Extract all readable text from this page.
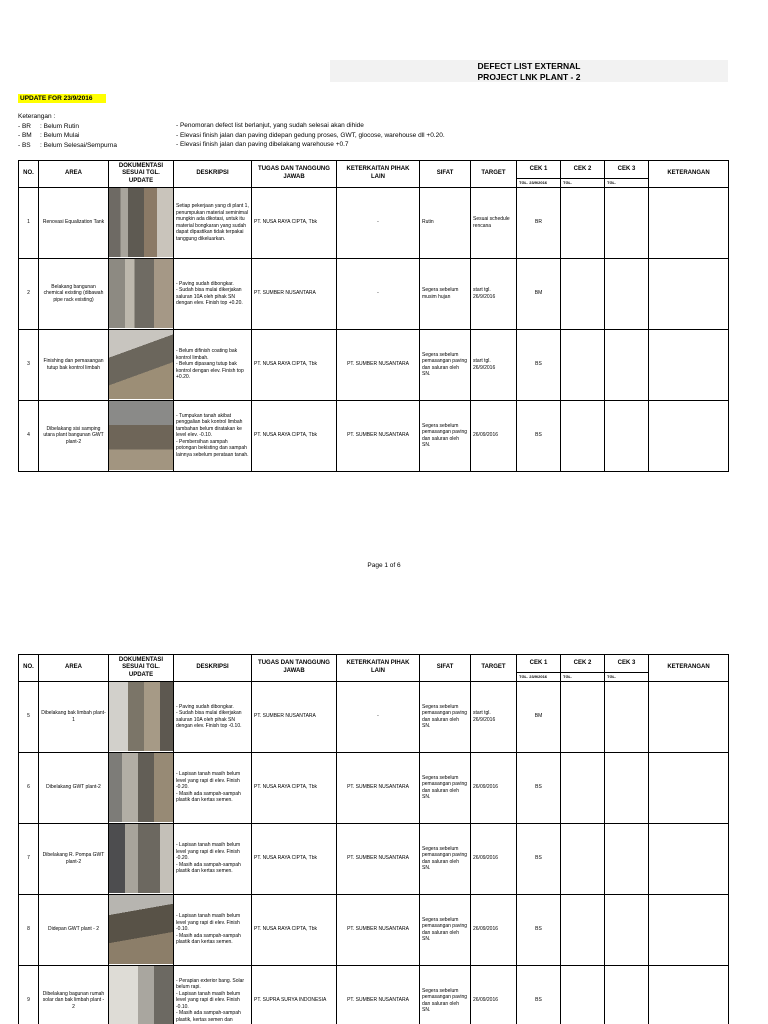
DEFECT LIST EXTERNAL
PROJECT LNK PLANT - 2
UPDATE FOR 23/9/2016
Keterangan :
- BR	: Belum Rutin
- BM	: Belum Mulai
- BS	: Belum Selesai/Sempurna
- Penomoran defect list berlanjut, yang sudah selesai akan dihide
- Elevasi finish jalan dan paving didepan gedung proses, GWT, glocose, warehouse dll +0.20.
- Elevasi finish jalan dan paving dibelakang warehouse +0.7
NO.	AREA	DOKUMENTASI SESUAI TGL. UPDATE	DESKRIPSI	TUGAS DAN TANGGUNG JAWAB	KETERKAITAN PIHAK LAIN	SIFAT	TARGET	CEK 1	CEK 2	CEK 3	KETERANGAN
								TGL. 23/9/2016	TGL.	TGL.	
1	Renovasi Equalization Tank		Setiap pekerjaan yang di plant 1, penumpukan material seminimal mungkin ada dikotasi, untuk itu material bongkaran yang sudah dapat dipastikan tidak terpakai tanggung dikeluarkan.	PT. NUSA RAYA CIPTA, Tbk	-	Rutin	Sesuai schedule rencana	BR			
2	Belakang bangunan chemical existing (dibawah pipe rack existing)		- Paving sudah dibongkar.
- Sudah bisa mulai dikerjakan saluran 10A oleh pihak SN dengan elev. Finish top +0.20.	PT. SUMBER NUSANTARA	-	Segera sebelum musim hujan	start tgl. 26/9/2016	BM			
3	Finishing dan pemasangan tutup bak kontrol limbah		- Belum difinish coating bak kontrol limbah.
- Belum dipasang tutup bak kontrol dengan elev. Finish top +0.20.	PT. NUSA RAYA CIPTA, Tbk	PT. SUMBER NUSANTARA	Segera sebelum pemasangan paving dan saluran oleh SN.	start tgl. 26/9/2016	BS			
4	Dibelakang sisi samping utara plant bangunan GWT plant-2		- Tumpukan tanah akibat penggalian bak kontrol limbah tambahan belum diratakan ke level elev. -0.10.
- Pembersihan sampah potongan bekisting dan sampah lainnya sebelum perataan tanah.	PT. NUSA RAYA CIPTA, Tbk	PT. SUMBER NUSANTARA	Segera sebelum pemasangan paving dan saluran oleh SN.	26/09/2016	BS			
Page 1 of 6
NO.	AREA	DOKUMENTASI SESUAI TGL. UPDATE	DESKRIPSI	TUGAS DAN TANGGUNG JAWAB	KETERKAITAN PIHAK LAIN	SIFAT	TARGET	CEK 1	CEK 2	CEK 3	KETERANGAN
								TGL. 23/9/2016	TGL.	TGL.	
5	Dibelakang bak limbah plant-1		- Paving sudah dibongkar.
- Sudah bisa mulai dikerjakan saluran 10A oleh pihak SN dengan elev. Finish top -0.10.	PT. SUMBER NUSANTARA	-	Segera sebelum pemasangan paving dan saluran oleh SN.	start tgl. 26/9/2016	BM			
6	Dibelakang GWT plant-2		- Lapisan tanah masih belum level yang rapi di elev. Finish -0.20.
- Masih ada sampah-sampah plastik dan kertas semen.	PT. NUSA RAYA CIPTA, Tbk	PT. SUMBER NUSANTARA	Segera sebelum pemasangan paving dan saluran oleh SN.	26/09/2016	BS			
7	Dibelakang R. Pompa GWT plant-2		- Lapisan tanah masih belum level yang rapi di elev. Finish -0.20.
- Masih ada sampah-sampah plastik dan kertas semen.	PT. NUSA RAYA CIPTA, Tbk	PT. SUMBER NUSANTARA	Segera sebelum pemasangan paving dan saluran oleh SN.	26/09/2016	BS			
8	Didepan GWT plant - 2		- Lapisan tanah masih belum level yang rapi di elev. Finish -0.10.
- Masih ada sampah-sampah plastik dan kertas semen.	PT. NUSA RAYA CIPTA, Tbk	PT. SUMBER NUSANTARA	Segera sebelum pemasangan paving dan saluran oleh SN.	26/09/2016	BS			
9	Dibelakang bagunan rumah solar dan bak limbah plant - 2		- Perapian exterior bang. Solar belum rapi.
- Lapisan tanah masih belum level yang rapi di elev. Finish -0.10.
- Masih ada sampah-sampah plastik, kertas semen dan	PT. SUPRA SURYA INDONESIA	PT. SUMBER NUSANTARA	Segera sebelum pemasangan paving dan saluran oleh SN.	26/09/2016	BS			
